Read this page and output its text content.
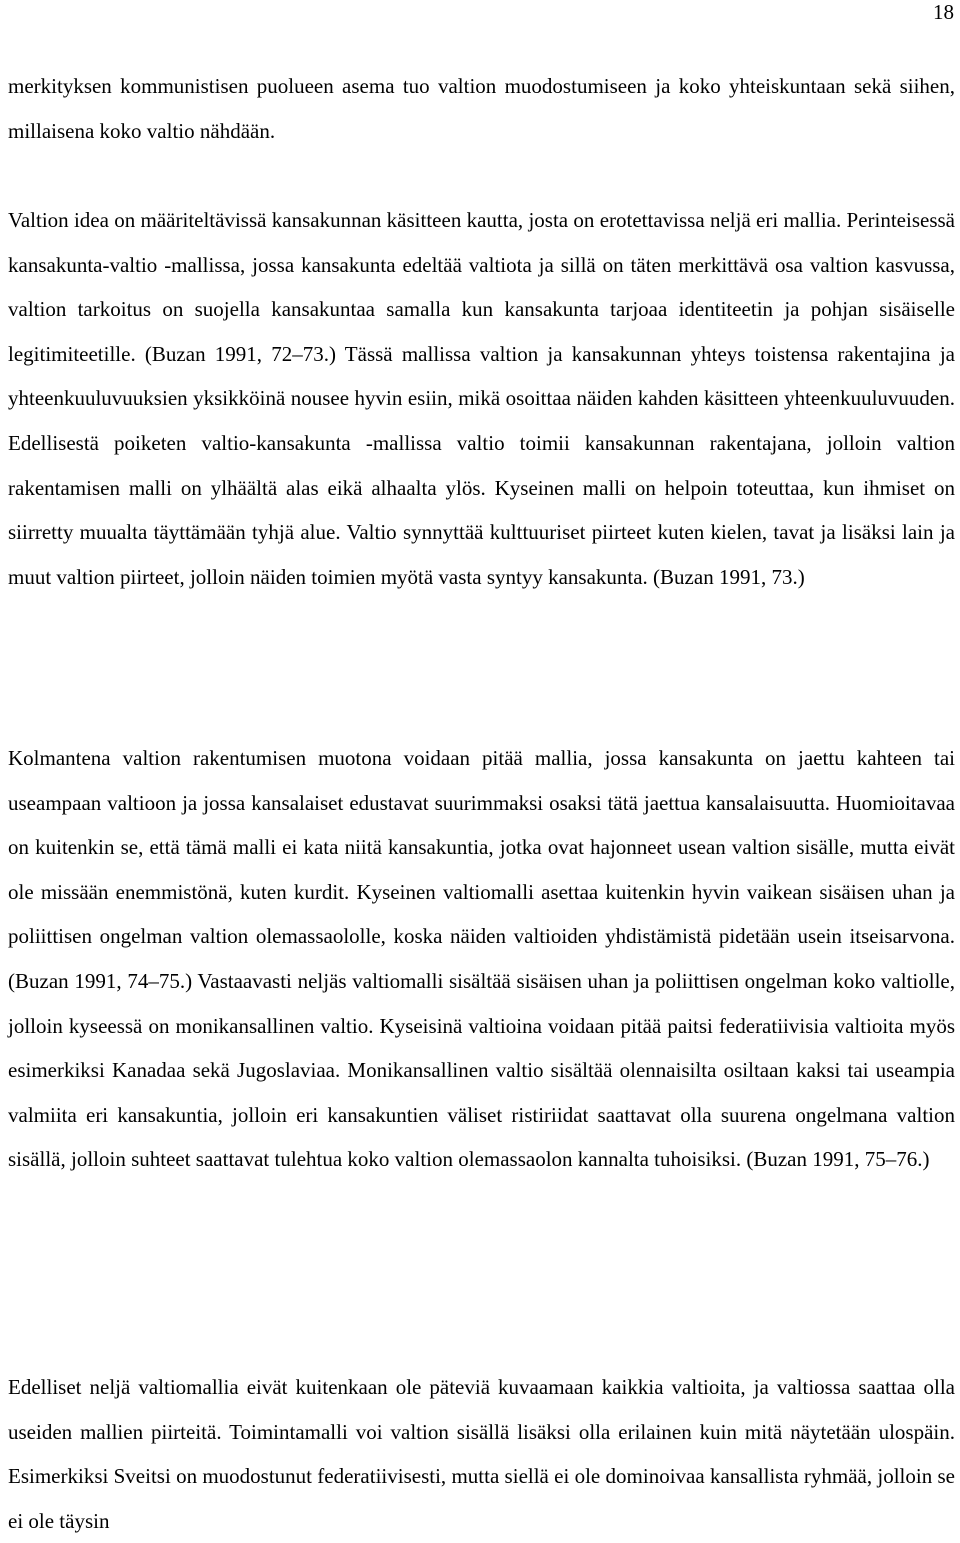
18

merkityksen kommunistisen puolueen asema tuo valtion muodostumiseen ja koko yhteiskuntaan sekä siihen, millaisena koko valtio nähdään.

Valtion idea on määriteltävissä kansakunnan käsitteen kautta, josta on erotettavissa neljä eri mallia. Perinteisessä kansakunta-valtio -mallissa, jossa kansakunta edeltää valtiota ja sillä on täten merkittävä osa valtion kasvussa, valtion tarkoitus on suojella kansakuntaa samalla kun kansakunta tarjoaa identiteetin ja pohjan sisäiselle legitimiteetille. (Buzan 1991, 72–73.) Tässä mallissa valtion ja kansakunnan yhteys toistensa rakentajina ja yhteenkuuluvuuksien yksikköinä nousee hyvin esiin, mikä osoittaa näiden kahden käsitteen yhteenkuuluvuuden. Edellisestä poiketen valtio-kansakunta -mallissa valtio toimii kansakunnan rakentajana, jolloin valtion rakentamisen malli on ylhäältä alas eikä alhaalta ylös. Kyseinen malli on helpoin toteuttaa, kun ihmiset on siirretty muualta täyttämään tyhjä alue. Valtio synnyttää kulttuuriset piirteet kuten kielen, tavat ja lisäksi lain ja muut valtion piirteet, jolloin näiden toimien myötä vasta syntyy kansakunta. (Buzan 1991, 73.)

Kolmantena valtion rakentumisen muotona voidaan pitää mallia, jossa kansakunta on jaettu kahteen tai useampaan valtioon ja jossa kansalaiset edustavat suurimmaksi osaksi tätä jaettua kansalaisuutta. Huomioitavaa on kuitenkin se, että tämä malli ei kata niitä kansakuntia, jotka ovat hajonneet usean valtion sisälle, mutta eivät ole missään enemmistönä, kuten kurdit. Kyseinen valtiomalli asettaa kuitenkin hyvin vaikean sisäisen uhan ja poliittisen ongelman valtion olemassaololle, koska näiden valtioiden yhdistämistä pidetään usein itseisarvona. (Buzan 1991, 74–75.) Vastaavasti neljäs valtiomalli sisältää sisäisen uhan ja poliittisen ongelman koko valtiolle, jolloin kyseessä on monikansallinen valtio. Kyseisinä valtioina voidaan pitää paitsi federatiivisia valtioita myös esimerkiksi Kanadaa sekä Jugoslaviaa. Monikansallinen valtio sisältää olennaisilta osiltaan kaksi tai useampia valmiita eri kansakuntia, jolloin eri kansakuntien väliset ristiriidat saattavat olla suurena ongelmana valtion sisällä, jolloin suhteet saattavat tulehtua koko valtion olemassaolon kannalta tuhoisiksi. (Buzan 1991, 75–76.)

Edelliset neljä valtiomallia eivät kuitenkaan ole päteviä kuvaamaan kaikkia valtioita, ja valtiossa saattaa olla useiden mallien piirteitä. Toimintamalli voi valtion sisällä lisäksi olla erilainen kuin mitä näytetään ulospäin. Esimerkiksi Sveitsi on muodostunut federatiivisesti, mutta siellä ei ole dominoivaa kansallista ryhmää, jolloin se ei ole täysin
